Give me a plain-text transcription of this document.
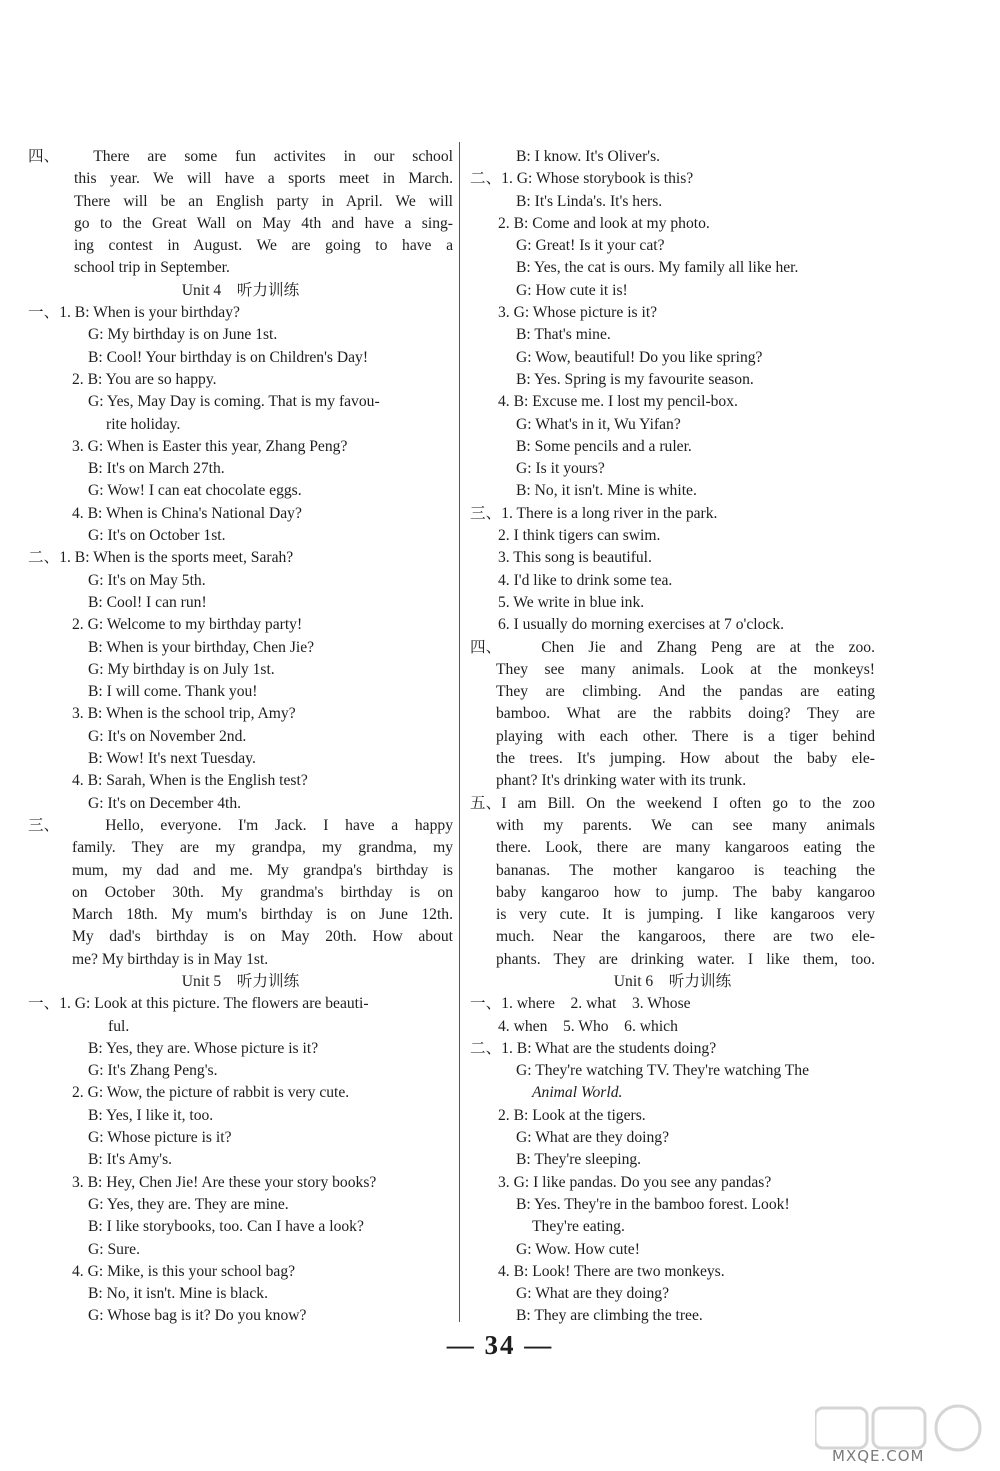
四、 There are some fun activites in our school
this year. We will have a sports meet in March.
There will be an English party in April. We will
go to the Great Wall on May 4th and have a sing-
ing contest in August. We are going to have a
school trip in September.
Unit 4　听力训练
一、1. B: When is your birthday?
G: My birthday is on June 1st.
B: Cool! Your birthday is on Children's Day!
2. B: You are so happy.
G: Yes, May Day is coming. That is my favou-
rite holiday.
3. G: When is Easter this year, Zhang Peng?
B: It's on March 27th.
G: Wow! I can eat chocolate eggs.
4. B: When is China's National Day?
G: It's on October 1st.
二、1. B: When is the sports meet, Sarah?
G: It's on May 5th.
B: Cool! I can run!
2. G: Welcome to my birthday party!
B: When is your birthday, Chen Jie?
G: My birthday is on July 1st.
B: I will come. Thank you!
3. B: When is the school trip, Amy?
G: It's on November 2nd.
B: Wow! It's next Tuesday.
4. B: Sarah, When is the English test?
G: It's on December 4th.
三、	Hello, everyone. I'm Jack. I have a happy
family. They are my grandpa, my grandma, my
mum, my dad and me. My grandpa's birthday is
on October 30th. My grandma's birthday is on
March 18th. My mum's birthday is on June 12th.
My dad's birthday is on May 20th. How about
me? My birthday is in May 1st.
Unit 5　听力训练
一、1. G: Look at this picture. The flowers are beauti-
ful.
B: Yes, they are. Whose picture is it?
G: It's Zhang Peng's.
2. G: Wow, the picture of rabbit is very cute.
B: Yes, I like it, too.
G: Whose picture is it?
B: It's Amy's.
3. B: Hey, Chen Jie! Are these your story books?
G: Yes, they are. They are mine.
B: I like storybooks, too. Can I have a look?
G: Sure.
4. G: Mike, is this your school bag?
B: No, it isn't. Mine is black.
G: Whose bag is it? Do you know?
B: I know. It's Oliver's.
二、1. G: Whose storybook is this?
B: It's Linda's. It's hers.
2. B: Come and look at my photo.
G: Great! Is it your cat?
B: Yes, the cat is ours. My family all like her.
G: How cute it is!
3. G: Whose picture is it?
B: That's mine.
G: Wow, beautiful! Do you like spring?
B: Yes. Spring is my favourite season.
4. B: Excuse me. I lost my pencil-box.
G: What's in it, Wu Yifan?
B: Some pencils and a ruler.
G: Is it yours?
B: No, it isn't. Mine is white.
三、1. There is a long river in the park.
2. I think tigers can swim.
3. This song is beautiful.
4. I'd like to drink some tea.
5. We write in blue ink.
6. I usually do morning exercises at 7 o'clock.
四、	Chen Jie and Zhang Peng are at the zoo.
They see many animals. Look at the monkeys!
They are climbing. And the pandas are eating
bamboo. What are the rabbits doing? They are
playing with each other. There is a tiger behind
the trees. It's jumping. How about the baby ele-
phant? It's drinking water with its trunk.
五、I am Bill. On the weekend I often go to the zoo
with my parents. We can see many animals
there. Look, there are many kangaroos eating the
bananas. The mother kangaroo is teaching the
baby kangaroo how to jump. The baby kangaroo
is very cute. It is jumping. I like kangaroos very
much. Near the kangaroos, there are two ele-
phants. They are drinking water. I like them, too.
Unit 6　听力训练
一、1. where　2. what　3. Whose
4. when　5. Who　6. which
二、1. B: What are the students doing?
G: They're watching TV. They're watching The
Animal World.
2. B: Look at the tigers.
G: What are they doing?
B: They're sleeping.
3. G: I like pandas. Do you see any pandas?
B: Yes. They're in the bamboo forest. Look!
They're eating.
G: Wow. How cute!
4. B: Look! There are two monkeys.
G: What are they doing?
B: They are climbing the tree.
— 34 —
MXQE.COM
